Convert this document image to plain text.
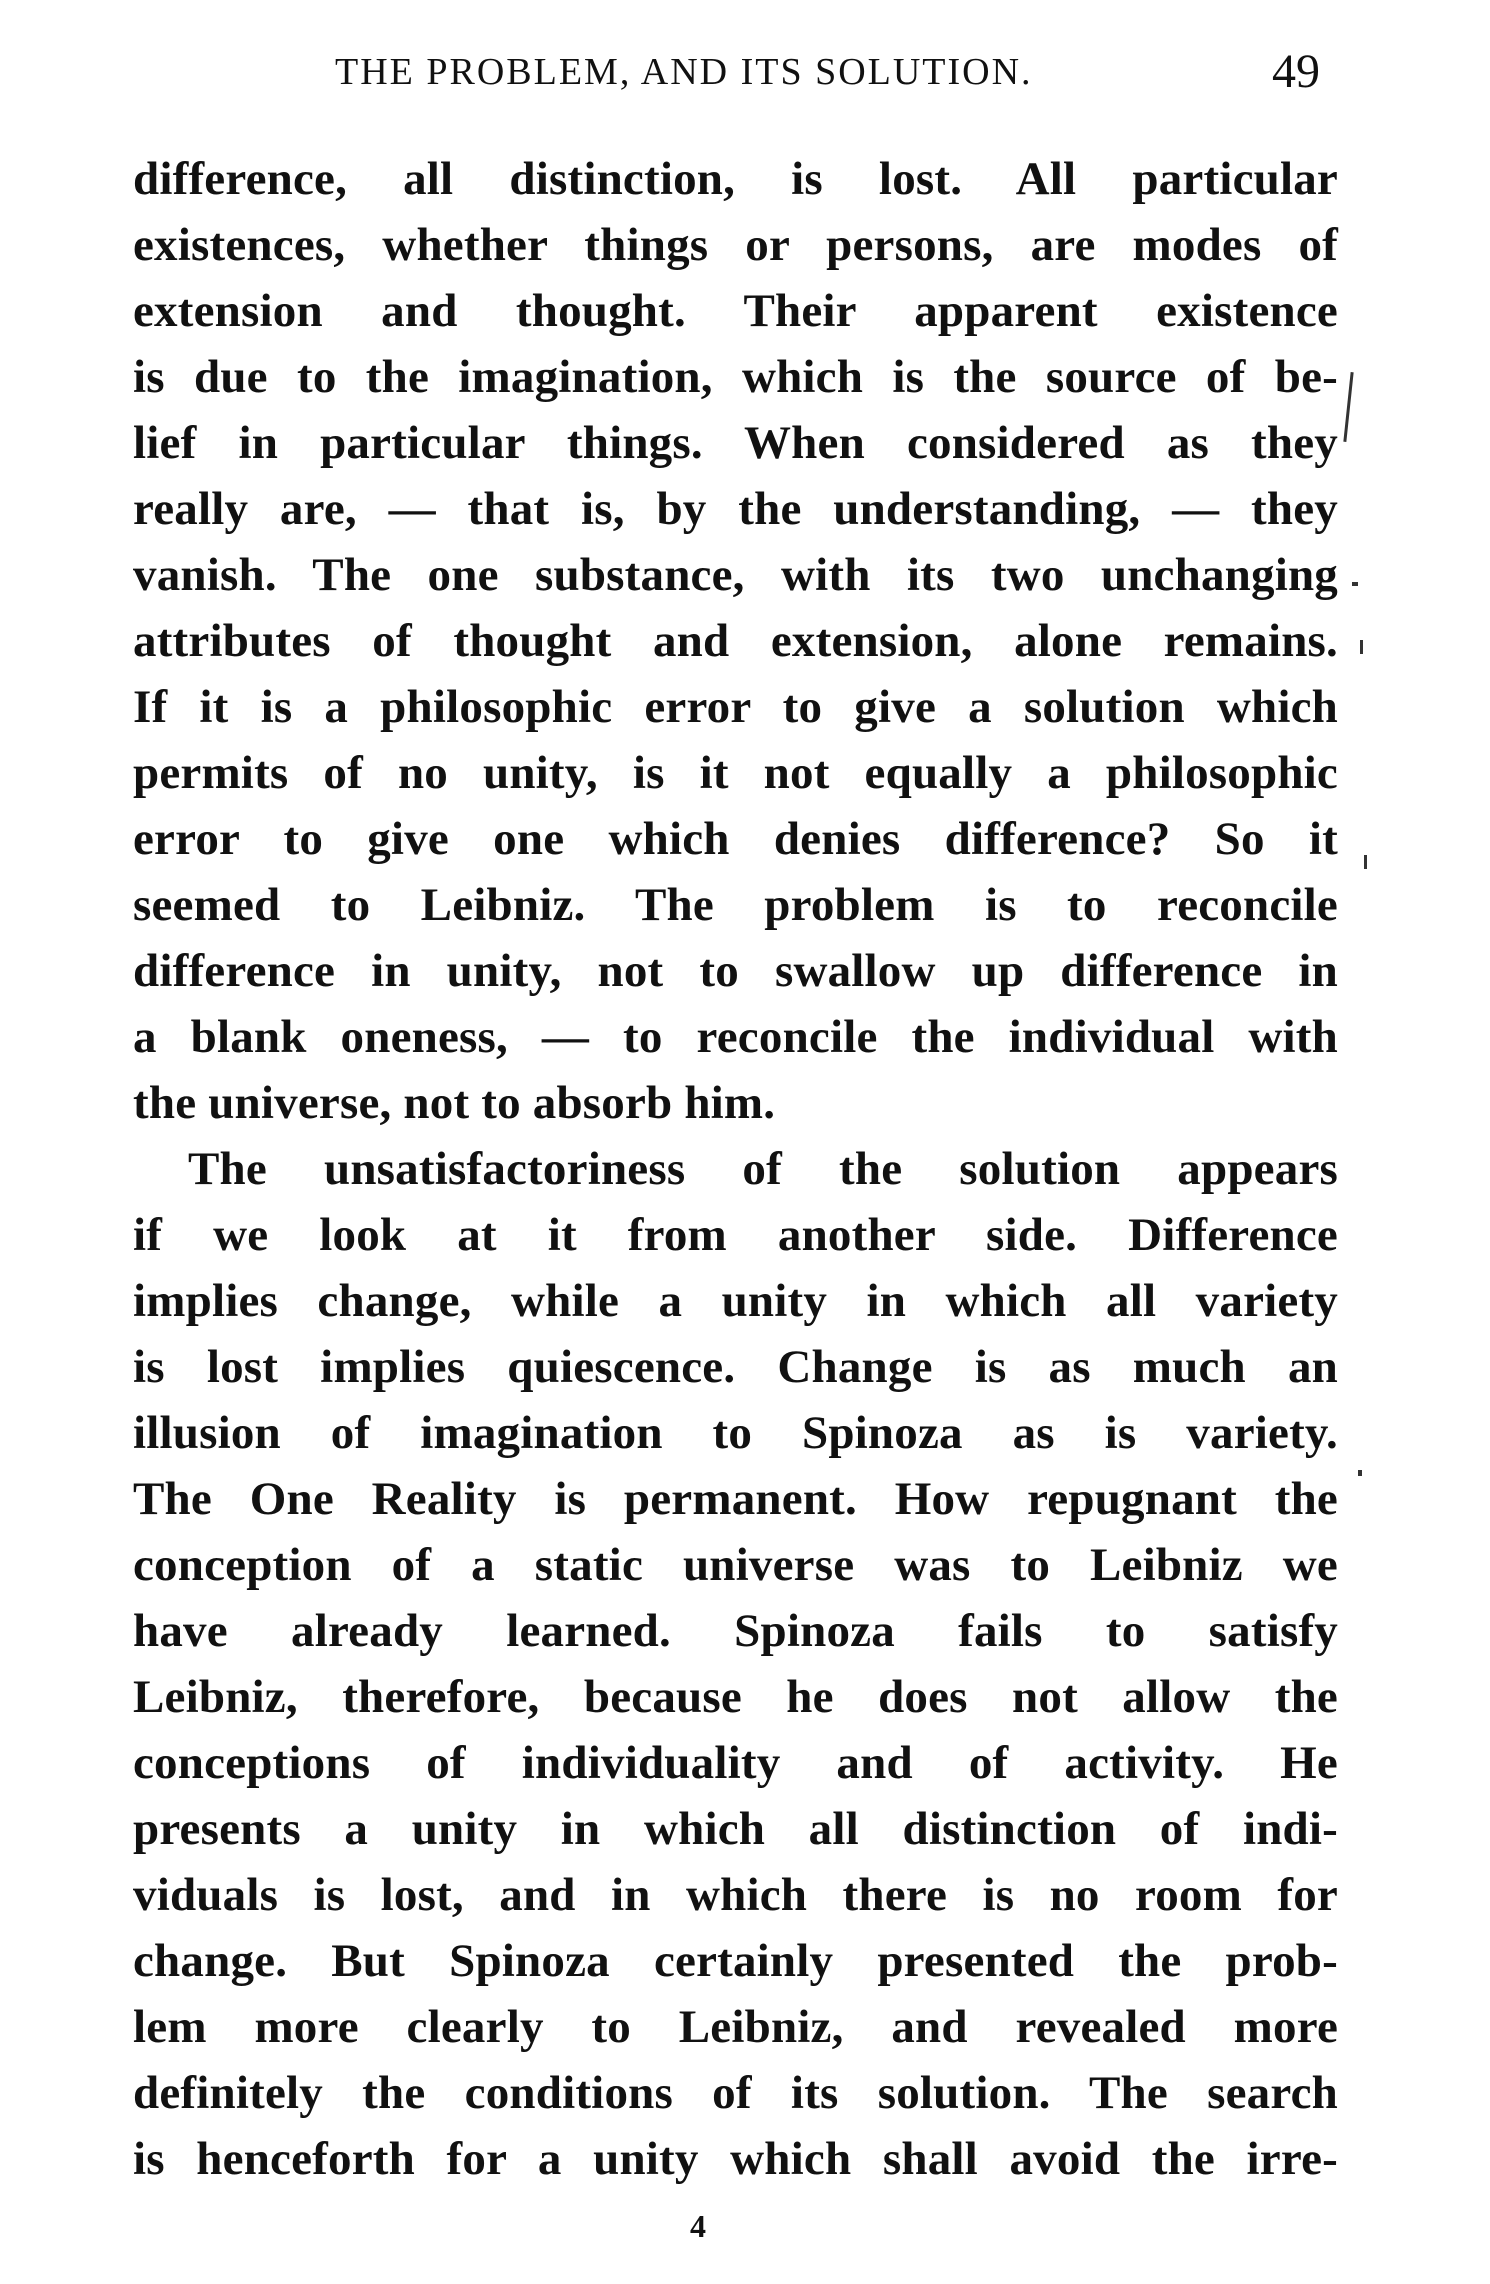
THE PROBLEM, AND ITS SOLUTION.	49
difference, all distinction, is lost. All particular
existences, whether things or persons, are modes of
extension and thought. Their apparent existence
is due to the imagination, which is the source of be-
lief in particular things. When considered as they
really are, — that is, by the understanding, — they
vanish. The one substance, with its two unchanging
attributes of thought and extension, alone remains.
If it is a philosophic error to give a solution which
permits of no unity, is it not equally a philosophic
error to give one which denies difference? So it
seemed to Leibniz. The problem is to reconcile
difference in unity, not to swallow up difference in
a blank oneness, — to reconcile the individual with
the universe, not to absorb him.
The unsatisfactoriness of the solution appears
if we look at it from another side. Difference
implies change, while a unity in which all variety
is lost implies quiescence. Change is as much an
illusion of imagination to Spinoza as is variety.
The One Reality is permanent. How repugnant the
conception of a static universe was to Leibniz we
have already learned. Spinoza fails to satisfy
Leibniz, therefore, because he does not allow the
conceptions of individuality and of activity. He
presents a unity in which all distinction of indi-
viduals is lost, and in which there is no room for
change. But Spinoza certainly presented the prob-
lem more clearly to Leibniz, and revealed more
definitely the conditions of its solution. The search
is henceforth for a unity which shall avoid the irre-
4
